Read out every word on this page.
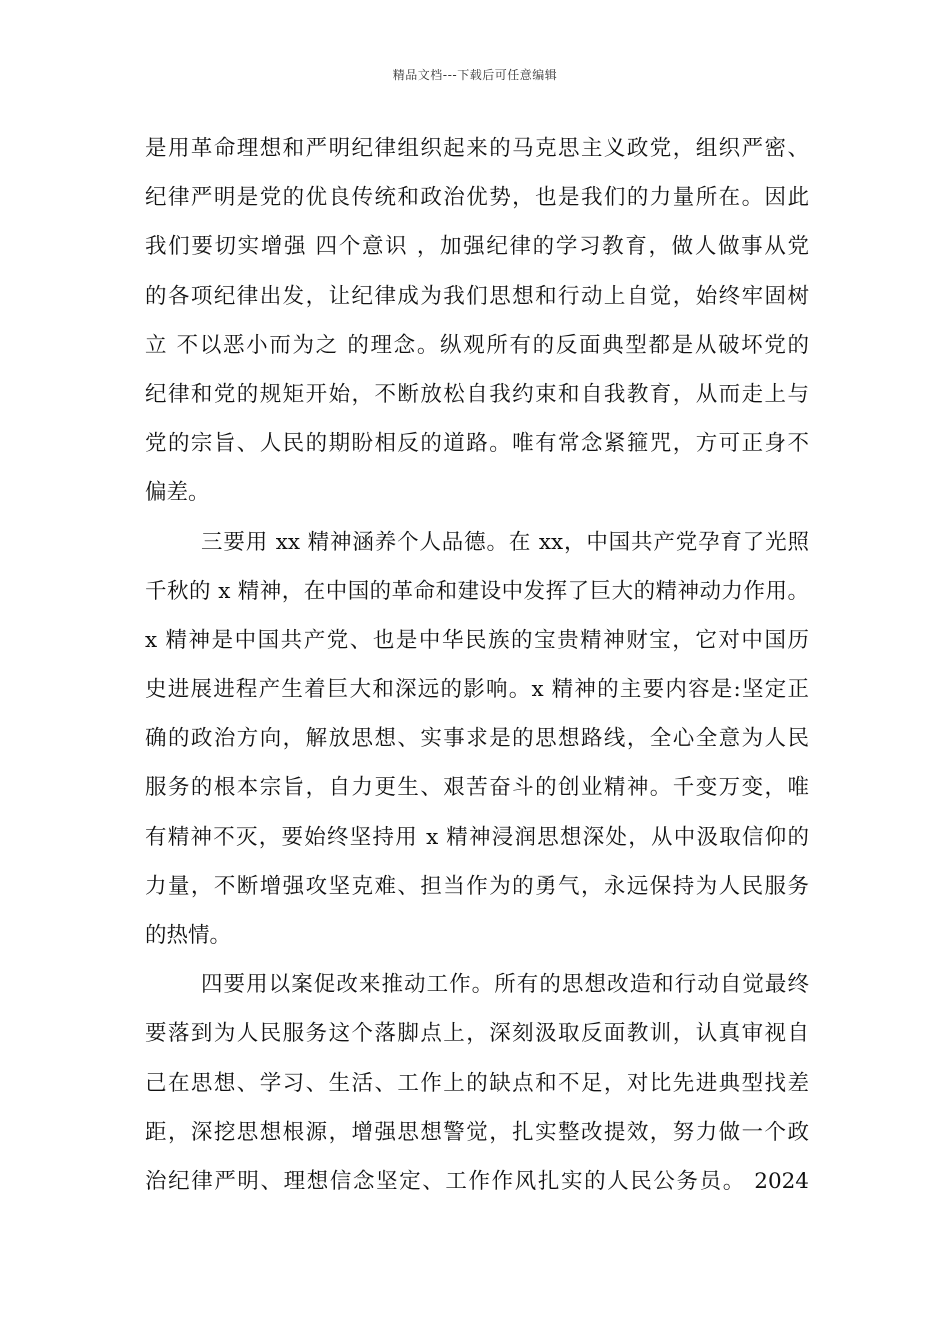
精品文档---下载后可任意编辑
是用革命理想和严明纪律组织起来的马克思主义政党，组织严密、
纪律严明是党的优良传统和政治优势，也是我们的力量所在。因此
我们要切实增强 四个意识 ，加强纪律的学习教育，做人做事从党
的各项纪律出发，让纪律成为我们思想和行动上自觉，始终牢固树
立 不以恶小而为之 的理念。纵观所有的反面典型都是从破坏党的
纪律和党的规矩开始，不断放松自我约束和自我教育，从而走上与
党的宗旨、人民的期盼相反的道路。唯有常念紧箍咒，方可正身不
偏差。
三要用 xx 精神涵养个人品德。在 xx，中国共产党孕育了光照
千秋的 x 精神，在中国的革命和建设中发挥了巨大的精神动力作用。
x 精神是中国共产党、也是中华民族的宝贵精神财宝，它对中国历
史进展进程产生着巨大和深远的影响。x 精神的主要内容是:坚定正
确的政治方向，解放思想、实事求是的思想路线，全心全意为人民
服务的根本宗旨，自力更生、艰苦奋斗的创业精神。千变万变，唯
有精神不灭，要始终坚持用 x 精神浸润思想深处，从中汲取信仰的
力量，不断增强攻坚克难、担当作为的勇气，永远保持为人民服务
的热情。
四要用以案促改来推动工作。所有的思想改造和行动自觉最终
要落到为人民服务这个落脚点上，深刻汲取反面教训，认真审视自
己在思想、学习、生活、工作上的缺点和不足，对比先进典型找差
距，深挖思想根源，增强思想警觉，扎实整改提效，努力做一个政
治纪律严明、理想信念坚定、工作作风扎实的人民公务员。 2024
